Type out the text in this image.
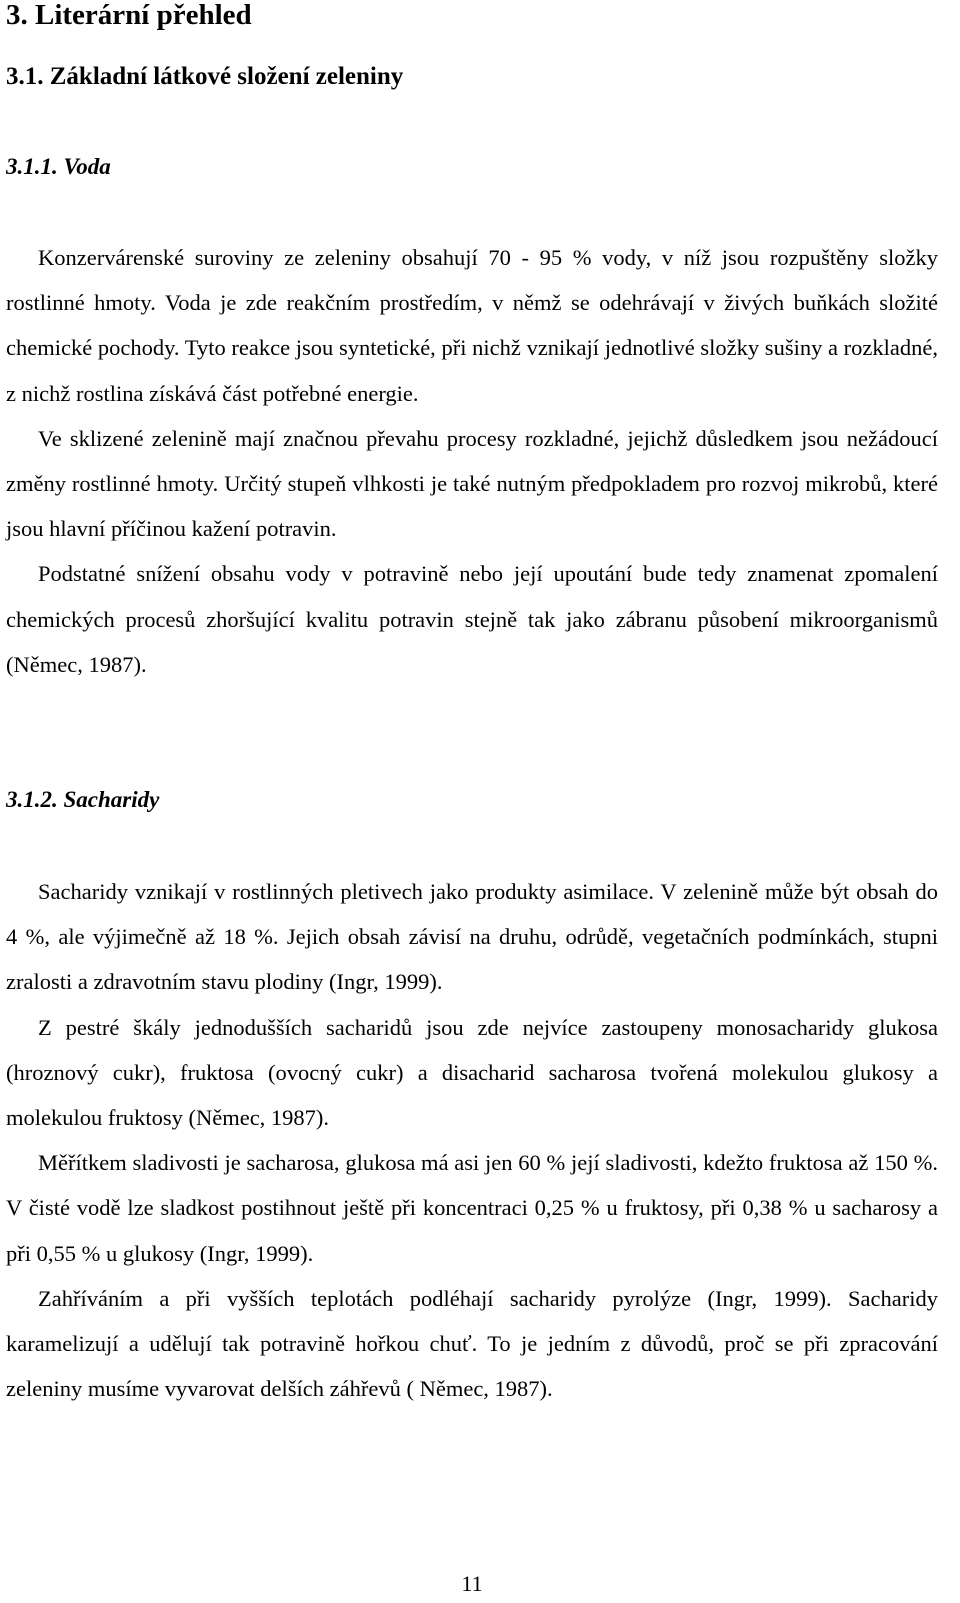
3. Literární přehled
3.1. Základní látkové složení zeleniny
3.1.1. Voda

Konzervárenské suroviny ze zeleniny obsahují 70 - 95 % vody, v níž jsou rozpuštěny složky rostlinné hmoty. Voda je zde reakčním prostředím, v němž se odehrávají v živých buňkách složité chemické pochody. Tyto reakce jsou syntetické, při nichž vznikají jednotlivé složky sušiny a rozkladné, z nichž rostlina získává část potřebné energie.

Ve sklizené zelenině mají značnou převahu procesy rozkladné, jejichž důsledkem jsou nežádoucí změny rostlinné hmoty. Určitý stupeň vlhkosti je také nutným předpokladem pro rozvoj mikrobů, které jsou hlavní příčinou kažení potravin.

Podstatné snížení obsahu vody v potravině nebo její upoutání bude tedy znamenat zpomalení chemických procesů zhoršující kvalitu potravin stejně tak jako zábranu působení mikroorganismů (Němec, 1987).

3.1.2. Sacharidy

Sacharidy vznikají v rostlinných pletivech jako produkty asimilace. V zelenině může být obsah do 4 %, ale výjimečně až 18 %. Jejich obsah závisí na druhu, odrůdě, vegetačních podmínkách, stupni zralosti a zdravotním stavu plodiny (Ingr, 1999).

Z pestré škály jednodušších sacharidů jsou zde nejvíce zastoupeny monosacharidy glukosa (hroznový cukr), fruktosa (ovocný cukr) a disacharid sacharosa tvořená molekulou glukosy a molekulou fruktosy (Němec, 1987).

Měřítkem sladivosti je sacharosa, glukosa má asi jen 60 % její sladivosti, kdežto fruktosa až 150 %. V čisté vodě lze sladkost postihnout ještě při koncentraci 0,25 % u fruktosy, při 0,38 % u sacharosy a při 0,55 % u glukosy (Ingr, 1999).

Zahříváním a při vyšších teplotách podléhají sacharidy pyrolýze (Ingr, 1999). Sacharidy karamelizují a udělují tak potravině hořkou chuť. To je jedním z důvodů, proč se při zpracování zeleniny musíme vyvarovat delších záhřevů ( Němec, 1987).

11
